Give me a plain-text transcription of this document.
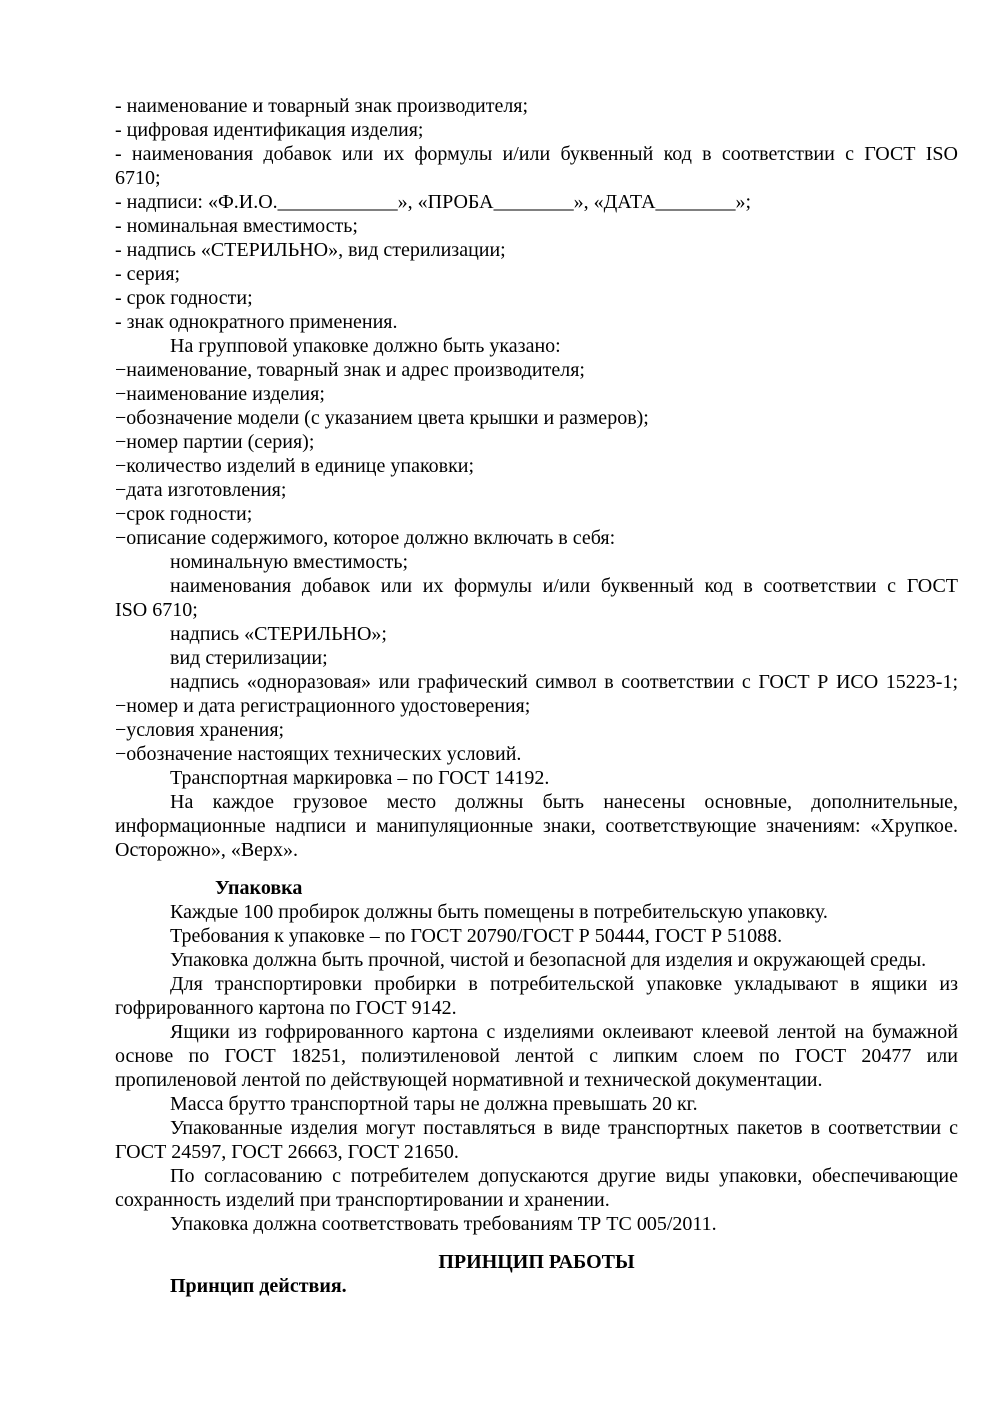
- наименование и товарный знак производителя;

- цифровая идентификация изделия;

- наименования добавок или их формулы и/или буквенный код в соответствии с ГОСТ ISO

6710;

- надписи: «Ф.И.О.____________», «ПРОБА________», «ДАТА________»;

- номинальная вместимость;

- надпись «СТЕРИЛЬНО», вид стерилизации;

- серия;

- срок годности;

- знак однократного применения.

На групповой упаковке должно быть указано:

−наименование, товарный знак и адрес производителя;

−наименование изделия;

−обозначение модели (с указанием цвета крышки и размеров);

−номер партии (серия);

−количество изделий в единице упаковки;

−дата изготовления;

−срок годности;

−описание содержимого, которое должно включать в себя:

номинальную вместимость;

наименования добавок или их формулы и/или буквенный код в соответствии с ГОСТ

ISO 6710;

надпись «СТЕРИЛЬНО»;

вид стерилизации;

надпись «одноразовая» или графический символ в соответствии с ГОСТ Р ИСО 15223-1;

−номер и дата регистрационного удостоверения;

−условия хранения;

−обозначение настоящих технических условий.

Транспортная маркировка – по ГОСТ 14192.

На каждое грузовое место должны быть нанесены основные, дополнительные,

информационные надписи и манипуляционные знаки, соответствующие значениям: «Хрупкое.

Осторожно», «Верх».

Упаковка

Каждые 100 пробирок должны быть помещены в потребительскую упаковку.

Требования к упаковке – по ГОСТ 20790/ГОСТ Р 50444, ГОСТ Р 51088.

Упаковка должна быть прочной, чистой и безопасной для изделия и окружающей среды.

Для транспортировки пробирки в потребительской упаковке укладывают в ящики из

гофрированного картона по ГОСТ 9142.

Ящики из гофрированного картона с изделиями оклеивают клеевой лентой на бумажной

основе по ГОСТ 18251, полиэтиленовой лентой с липким слоем по ГОСТ 20477 или

пропиленовой лентой по действующей нормативной и технической документации.

Масса брутто транспортной тары не должна превышать 20 кг.

Упакованные изделия могут поставляться в виде транспортных пакетов в соответствии с

ГОСТ 24597, ГОСТ 26663, ГОСТ 21650.

По согласованию с потребителем допускаются другие виды упаковки, обеспечивающие

сохранность изделий при транспортировании и хранении.

Упаковка должна соответствовать требованиям ТР ТС 005/2011.

ПРИНЦИП РАБОТЫ

Принцип действия.
